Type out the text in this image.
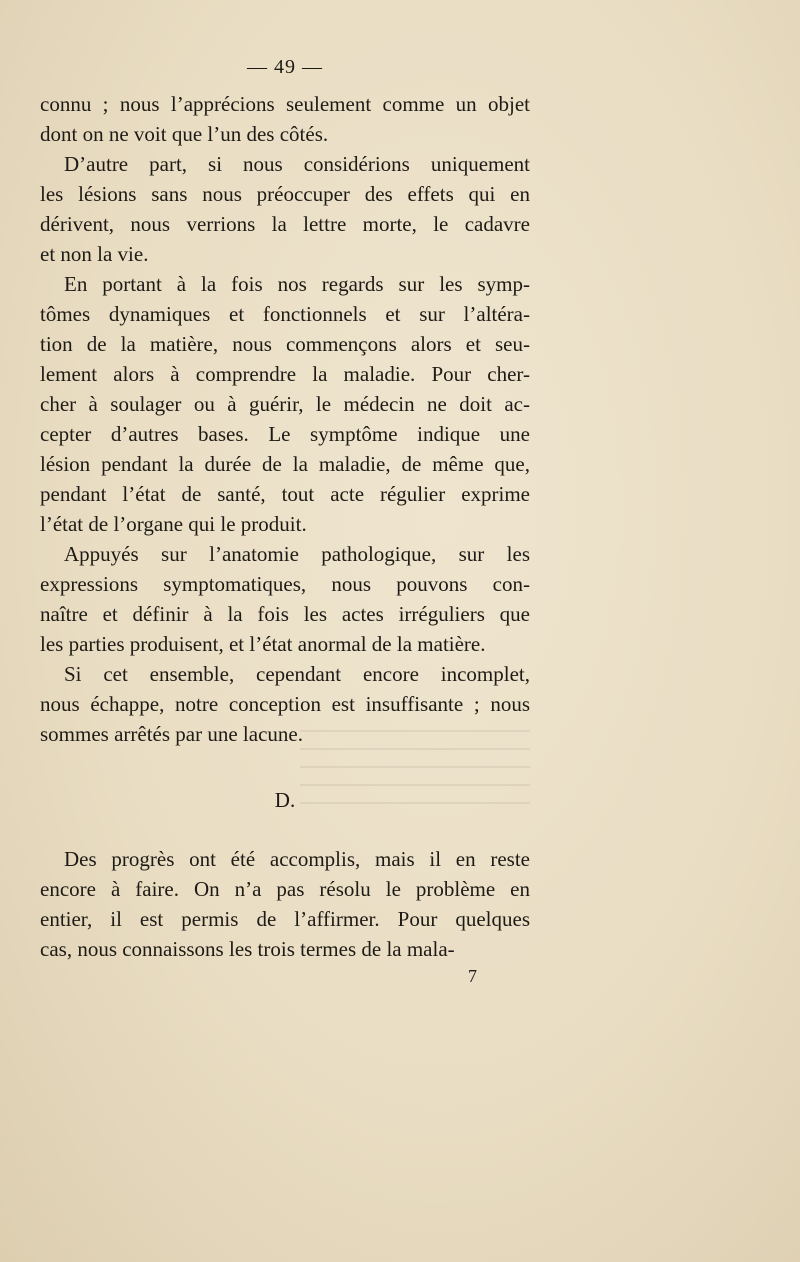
— 49 —
connu ; nous l’apprécions seulement comme un objet
dont on ne voit que l’un des côtés.
D’autre part, si nous considérions uniquement
les lésions sans nous préoccuper des effets qui en
dérivent, nous verrions la lettre morte, le cadavre
et non la vie.
En portant à la fois nos regards sur les symp-
tômes dynamiques et fonctionnels et sur l’altéra-
tion de la matière, nous commençons alors et seu-
lement alors à comprendre la maladie. Pour cher-
cher à soulager ou à guérir, le médecin ne doit ac-
cepter d’autres bases. Le symptôme indique une
lésion pendant la durée de la maladie, de même que,
pendant l’état de santé, tout acte régulier exprime
l’état de l’organe qui le produit.
Appuyés sur l’anatomie pathologique, sur les
expressions symptomatiques, nous pouvons con-
naître et définir à la fois les actes irréguliers que
les parties produisent, et l’état anormal de la matière.
Si cet ensemble, cependant encore incomplet,
nous échappe, notre conception est insuffisante ; nous
sommes arrêtés par une lacune.
D.
Des progrès ont été accomplis, mais il en reste
encore à faire. On n’a pas résolu le problème en
entier, il est permis de l’affirmer. Pour quelques
cas, nous connaissons les trois termes de la mala-
7
